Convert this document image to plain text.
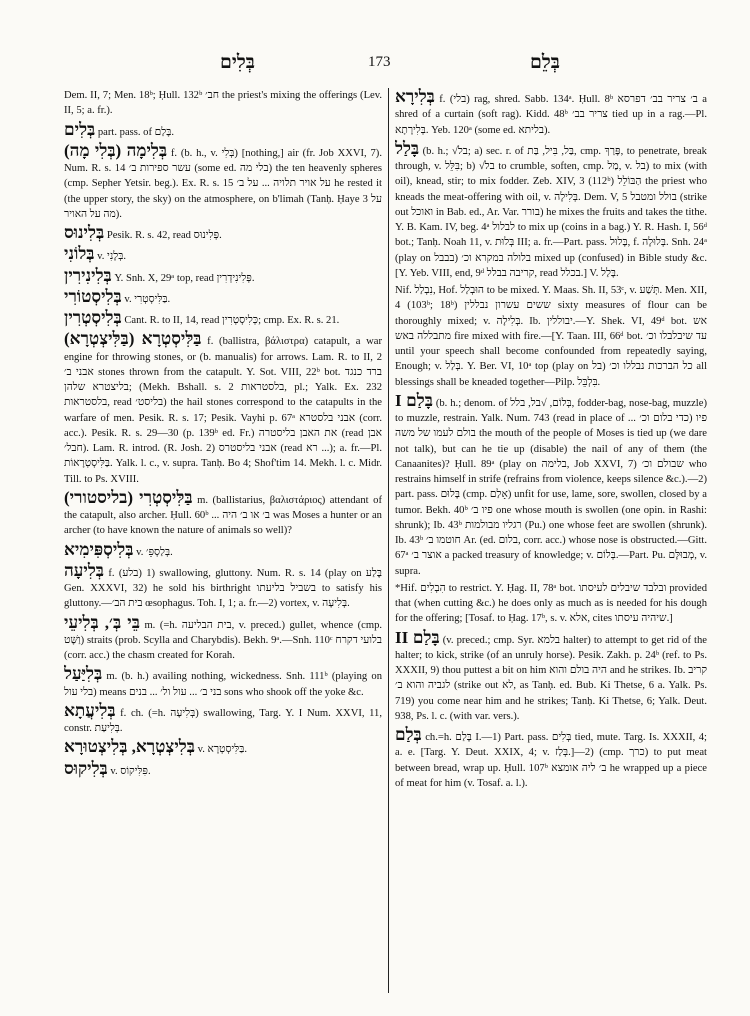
בְּלִים	173	בְּלֵם

Dem. II, 7; Men. 18ᵇ; Ḥull. 132ᵇ חב׳ the priest's mixing the offerings (Lev. II, 5; a. fr.).

בְּלִים part. pass. of בָּלַם.

בְּלִימָה (בְּלִי מָה) f. (b. h., v. בְּלִי) [nothing,] air (fr. Job XXVI, 7). Num. R. s. 14 עשר ספירות ב׳ (some ed. בלי מה) the ten heavenly spheres (cmp. Sepher Yetsir. beg.). Ex. R. s. 15 על אויר תלויה ... על ב׳ he rested it (the upper story, the sky) on the atmosphere, on b'limah (Tanḥ. Ḥaye 3 על מה על האויר).

בְּלִינוּס Pesik. R. s. 42, read פְּלִינוּס.

בְּלוֹנִי v. בְּלָנִי.

בְּלִינִירִין Y. Snh. X, 29ᵃ top, read פְּלִינִידְרִין.

בְּלִיסְטוֹרִי v. בַּלִּיסְטְרִי.

בְּלִיסְטְרִין Cant. R. to II, 14, read כְּלִיסְטְרִין; cmp. Ex. R. s. 21.

בַּלִּיסְטְרָא (בַּלִּיצְטְרָא) f. (ballistra, βάλιστρα) catapult, a war engine for throwing stones, or (b. manualis) for arrows. Lam. R. to II, 2 אבני ב׳ stones thrown from the catapult. Y. Sot. VIII, 22ᵇ bot. ברד כנגד בליצטרא שלהן; (Mekh. Bshall. s. 2 בלסטראות, pl.; Yalk. Ex. 232 בלסטראות, read בליסט׳) the hail stones correspond to the catapults in the warfare of men. Pesik. R. s. 17; Pesik. Vayhi p. 67ᵃ אבני בלסטרא (corr. acc.). Pesik. R. s. 29—30 (p. 139ᵇ ed. Fr.) את האבן בליסטרה (read אבן חבל׳). Lam. R. introd. (R. Josh. 2) אבני בליסטרס (read רא ...); a. fr.—Pl. בַּלִּיסְטְרָאוֹת. Yalk. l. c., v. supra. Tanḥ. Bo 4; Shof'tim 14. Mekh. l. c. Midr. Till. to Ps. XVIII.

בַּלִּיסְטְרִי (בליסטורי) m. (ballistarius, βαλιστάριος) attendant of the catapult, also archer. Ḥull. 60ᵇ ... ב׳ או ב׳ היה was Moses a hunter or an archer (to have known the nature of animals so well)?

בְּלִיסְפִּימִיא v. בְּלַסְפֵּ׳.

בְּלִיעָה f. (בלע) 1) swallowing, gluttony. Num. R. s. 14 (play on בֶּלַע Gen. XXXVI, 32) he sold his birthright בשביל בליעתו to satisfy his gluttony.—בית הב׳ œsophagus. Toh. I, 1; a. fr.—2) vortex, v. בְּלִיעָה.

בֵּי בְּ׳, בְּלִיעֵי m. (=h. בית הבליעה, v. preced.) gullet, whence (cmp. וַשָּׁט) straits (prob. Scylla and Charybdis). Bekh. 9ᵃ.—Snh. 110ᶜ בלועי דקרח (corr. acc.) the chasm created for Korah.

בְּלִיַּעַל m. (b. h.) availing nothing, wickedness. Snh. 111ᵇ (playing on בלי עול) means בני ב׳ ... עול ול׳ ... בנים sons who shook off the yoke &c.

בְּלִיעֲתָא f. ch. (=h. בְּלִיעָה) swallowing, Targ. Y. I Num. XXVI, 11, constr. בְּלִיעַת.

בְּלִיצְטְרָא, בְּלִיצְטוּרָא v. בַּלִּיסְטְרָא.

בְּלִיקוּס v. פִּלִּיקוֹס.

בְּלִירָא f. (בלי) rag, shred. Sabb. 134ᵃ. Ḥull. 8ᵇ ב׳ צריר בב׳ דפרסא a shred of a curtain (soft rag). Kidd. 48ᵇ צריר בב׳ tied up in a rag.—Pl. בְּלִירָתָא. Yeb. 120ᵃ (some ed. בליתא).

בָּלַל (b. h.; √בל; a) sec. r. of בַּל, בִּיל, בַּת, cmp. פָּרַךְ, to penetrate, break through, v. בִּלֵּל; b) √בל to crumble, soften, cmp. מַל, v. בל) to mix (with oil), knead, stir; to mix fodder. Zeb. XIV, 3 (112ᵇ) הַבּוֹלֵל the priest who kneads the meat-offering with oil, v. בְּלִילָה. Dem. V, 5 בולל ומטבל (strike out ואוכל in Bab. ed., Ar. Var. בורר) he mixes the fruits and takes the tithe. Y. B. Kam. IV, beg. 4ᵃ לבלול to mix up (coins in a bag.) Y. R. Hash. I, 56ᵈ bot.; Tanḥ. Noah 11, v. בְּלוּת III; a. fr.—Part. pass. בָּלוּל, f. בְּלוּלָה. Snh. 24ᵃ (play on בבבל) בלולה במקרא וכ׳ mixed up (confused) in Bible study &c. [Y. Yeb. VIII, end, 9ᵈ קריבה בבלל, read בכלל.] V. בָּלַל.

Nif. נִבְלַל, Hof. הוּבְלַל to be mixed. Y. Maas. Sh. II, 53ᶜ, v. תְּשַׁע. Men. XII, 4 (103ᵇ; 18ᵇ) ששים עשרון נבללין sixty measures of flour can be thoroughly mixed; v. בְּלִילָה. Ib. יבוללין.—Y. Shek. VI, 49ᵈ bot. אש מתבללה באש fire mixed with fire.—[Y. Taan. III, 66ᵈ bot. עד שיבלבלו וכ׳ until your speech shall become confounded from repeatedly saying, Enough; v. בְּלַל. Y. Ber. VI, 10ᵃ top (play on בל) כל הברכות נבללו וכ׳ all blessings shall be kneaded together—Pilp. בִּלְבֵּל.

בָּלַם I (b. h.; denom. of בְּלוֹם, √בל, בלל, fodder-bag, nose-bag, muzzle) to muzzle, restrain. Yalk. Num. 743 (read in place of ... כדי בלום וכ׳) פיו בולם לעמו של משה the mouth of the people of Moses is tied up (we dare not talk), but can he tie up (disable) the nail of any of them (the Canaanites)? Ḥull. 89ᵃ (play on בלימה, Job XXVI, 7) שבולם וכ׳ who restrains himself in strife (refrains from violence, keeps silence &c.).—2) part. pass. בָּלוּם (cmp. אָלַם) unfit for use, lame, sore, swollen, closed by a tumor. Bekh. 40ᵇ פיו ב׳ one whose mouth is swollen (one opin. in Rashi: shrunk); Ib. 43ᵇ רגליו מבולמות (Pu.) one whose feet are swollen (shrunk). Ib. 43ᵇ חוטמו ב׳ Ar. (ed. בלום, corr. acc.) whose nose is obstructed.—Gitt. 67ᵃ אוצר ב׳ a packed treasury of knowledge; v. בְּלוֹם.—Part. Pu. מְבוּלָּם, v. supra.

*Hif. הִבְלִים to restrict. Y. Ḥag. II, 78ᵃ bot. ובלבד שיבלים לעיסתו provided that (when cutting &c.) he does only as much as is needed for his dough for the offering; [Tosaf. to Ḥag. 17ᵇ, s. v. אלא, cites שיהיה עיסתו.]

בָּלַם II (v. preced.; cmp. Syr. בלמא halter) to attempt to get rid of the halter; to kick, strike (of an unruly horse). Pesik. Zakh. p. 24ᵇ (ref. to Ps. XXXII, 9) thou puttest a bit on him היה בולם והוא and he strikes. Ib. קריב לגביה והוא ב׳ (strike out לא, as Tanḥ. ed. Bub. Ki Thetse, 6 a. Yalk. Ps. 719) you come near him and he strikes; Tanḥ. Ki Thetse, 6; Yalk. Deut. 938, Ps. l. c. (with var. vers.).

בְּלַם ch.=h. בָּלַם I.—1) Part. pass. בְּלִים tied, mute. Targ. Is. XXXII, 4; a. e. [Targ. Y. Deut. XXIX, 4; v. בְּלַז.]—2) (cmp. כרך) to put meat between bread, wrap up. Ḥull. 107ᵇ ב׳ ליה אומצא he wrapped up a piece of meat for him (v. Tosaf. a. l.).
